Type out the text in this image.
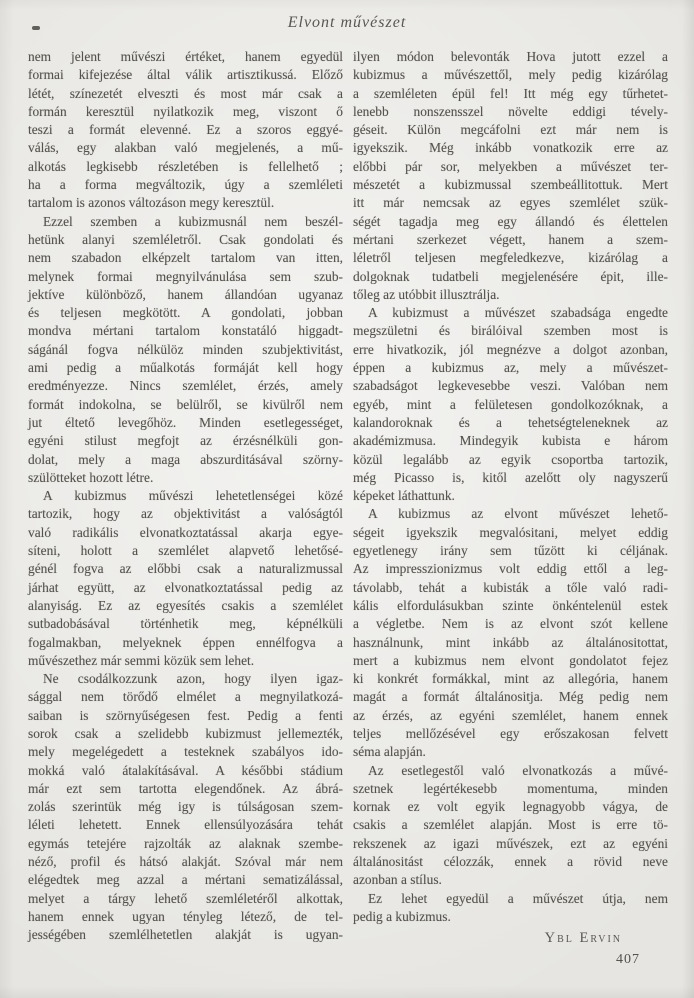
Elvont művészet
nem jelent művészi értéket, hanem egyedül
formai kifejezése által válik artisztikussá. Előző
létét, színezetét elveszti és most már csak a
formán keresztül nyilatkozik meg, viszont ő
teszi a formát elevenné. Ez a szoros eggyé-
válás, egy alakban való megjelenés, a mű-
alkotás legkisebb részletében is fellelhető ;
ha a forma megváltozik, úgy a szemléleti
tartalom is azonos változáson megy keresztül.
Ezzel szemben a kubizmusnál nem beszél-
hetünk alanyi szemléletről. Csak gondolati és
nem szabadon elképzelt tartalom van itten,
melynek formai megnyilvánulása sem szub-
jektíve különböző, hanem állandóan ugyanaz
és teljesen megkötött. A gondolati, jobban
mondva mértani tartalom konstatáló higgadt-
ságánál fogva nélkülöz minden szubjektivitást,
ami pedig a műalkotás formáját kell hogy
eredményezze. Nincs szemlélet, érzés, amely
formát indokolna, se belülről, se kivülről nem
jut éltető levegőhöz. Minden esetlegességet,
egyéni stilust megfojt az érzésnélküli gon-
dolat, mely a maga abszurditásával szörny-
szülötteket hozott létre.
A kubizmus művészi lehetetlenségei közé
tartozik, hogy az objektivitást a valóságtól
való radikális elvonatkoztatással akarja egye-
síteni, holott a szemlélet alapvető lehetősé-
génél fogva az előbbi csak a naturalizmussal
járhat együtt, az elvonatkoztatással pedig az
alanyiság. Ez az egyesítés csakis a szemlélet
sutbadobásával történhetik meg, képnélküli
fogalmakban, melyeknek éppen ennélfogva a
művészethez már semmi közük sem lehet.
Ne csodálkozzunk azon, hogy ilyen igaz-
sággal nem törődő elmélet a megnyilatkozá-
saiban is szörnyűségesen fest. Pedig a fenti
sorok csak a szelidebb kubizmust jellemezték,
mely megelégedett a testeknek szabályos ido-
mokká való átalakításával. A későbbi stádium
már ezt sem tartotta elegendőnek. Az ábrá-
zolás szerintük még igy is túlságosan szem-
léleti lehetett. Ennek ellensúlyozására tehát
egymás tetejére rajzolták az alaknak szembe-
néző, profil és hátsó alakját. Szóval már nem
elégedtek meg azzal a mértani sematizálással,
melyet a tárgy lehető szemléletéről alkottak,
hanem ennek ugyan tényleg létező, de tel-
jességében szemlélhetetlen alakját is ugyan-
ilyen módon belevonták Hova jutott ezzel a
kubizmus a művészettől, mely pedig kizárólag
a szemléleten épül fel! Itt még egy tűrhetet-
lenebb nonszensszel növelte eddigi tévely-
géseit. Külön megcáfolni ezt már nem is
igyekszik. Még inkább vonatkozik erre az
előbbi pár sor, melyekben a művészet ter-
mészetét a kubizmussal szembeállitottuk. Mert
itt már nemcsak az egyes szemlélet szük-
ségét tagadja meg egy állandó és élettelen
mértani szerkezet végett, hanem a szem-
léletről teljesen megfeledkezve, kizárólag a
dolgoknak tudatbeli megjelenésére épit, ille-
tőleg az utóbbit illusztrálja.
A kubizmust a művészet szabadsága engedte
megszületni és birálóival szemben most is
erre hivatkozik, jól megnézve a dolgot azonban,
éppen a kubizmus az, mely a művészet-
szabadságot legkevesebbe veszi. Valóban nem
egyéb, mint a felületesen gondolkozóknak, a
kalandoroknak és a tehetségteleneknek az
akadémizmusa. Mindegyik kubista e három
közül legalább az egyik csoportba tartozik,
még Picasso is, kitől azelőtt oly nagyszerű
képeket láthattunk.
A kubizmus az elvont művészet lehető-
ségeit igyekszik megvalósitani, melyet eddig
egyetlenegy irány sem tűzött ki céljának.
Az impresszionizmus volt eddig ettől a leg-
távolabb, tehát a kubisták a tőle való radi-
kális elfordulásukban szinte önkéntelenül estek
a végletbe. Nem is az elvont szót kellene
használnunk, mint inkább az általánositottat,
mert a kubizmus nem elvont gondolatot fejez
ki konkrét formákkal, mint az allegória, hanem
magát a formát általánositja. Még pedig nem
az érzés, az egyéni szemlélet, hanem ennek
teljes mellőzésével egy erőszakosan felvett
séma alapján.
Az esetlegestől való elvonatkozás a művé-
szetnek legértékesebb momentuma, minden
kornak ez volt egyik legnagyobb vágya, de
csakis a szemlélet alapján. Most is erre tö-
rekszenek az igazi művészek, ezt az egyéni
általánositást célozzák, ennek a rövid neve
azonban a stílus.
Ez lehet egyedül a művészet útja, nem
pedig a kubizmus.
Ybl Ervin
407
